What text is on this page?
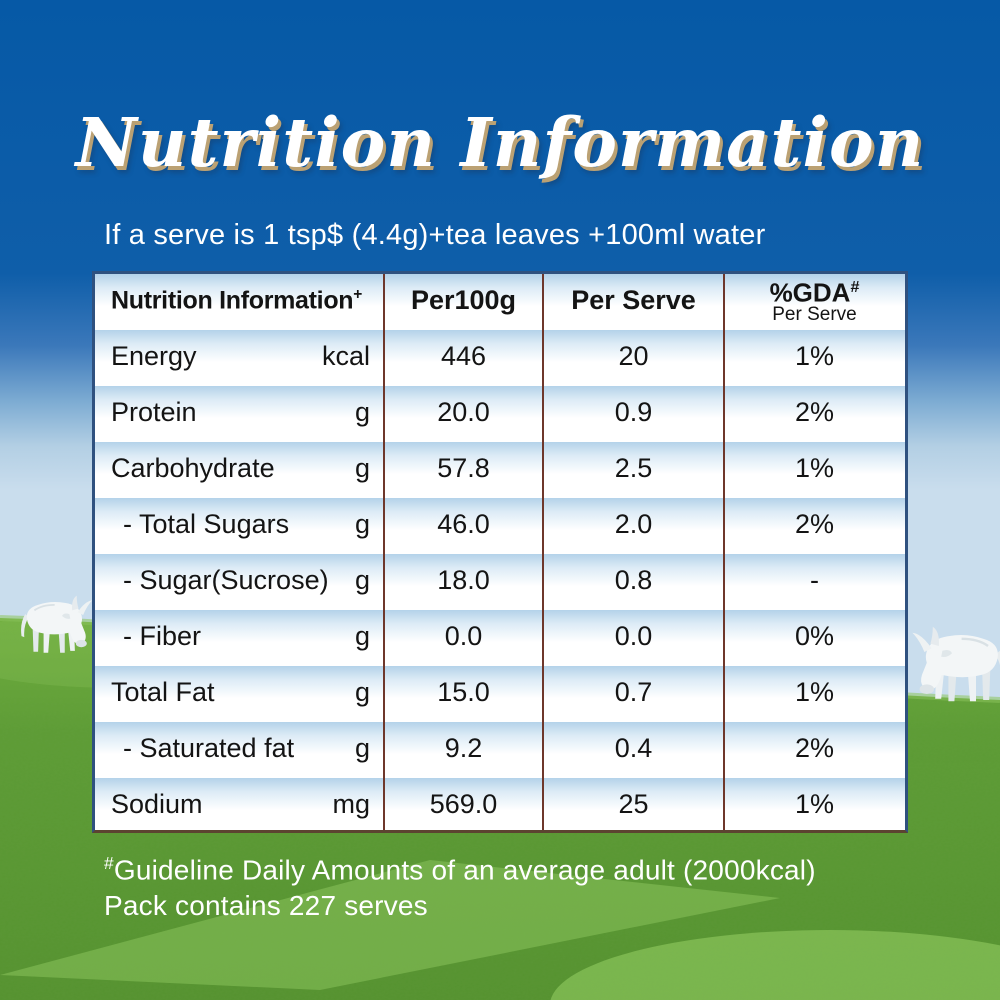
Nutrition Information
If a serve is 1 tsp$ (4.4g)+tea leaves +100ml water
Nutrition Information+	Per100g	Per Serve	%GDA#
Per Serve
Energy	kcal	446	20	1%
Protein	g	20.0	0.9	2%
Carbohydrate	g	57.8	2.5	1%
- Total Sugars g	46.0	2.0	2%
- Sugar(Sucrose) g	18.0	0.8	-
- Fiber	g	0.0	0.0	0%
Total Fat	g	15.0	0.7	1%
- Saturated fat g	9.2	0.4	2%
Sodium	mg	569.0	25	1%
#Guideline Daily Amounts of an average adult (2000kcal)
Pack contains 227 serves
